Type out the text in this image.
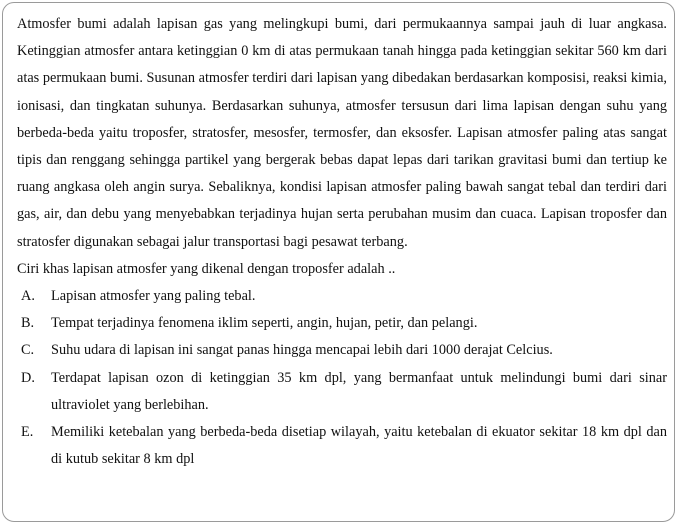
Atmosfer bumi adalah lapisan gas yang melingkupi bumi, dari permukaannya sampai jauh di luar angkasa. Ketinggian atmosfer antara ketinggian 0 km di atas permukaan tanah hingga pada ketinggian sekitar 560 km dari atas permukaan bumi. Susunan atmosfer terdiri dari lapisan yang dibedakan berdasarkan komposisi, reaksi kimia, ionisasi, dan tingkatan suhunya. Berdasarkan suhunya, atmosfer tersusun dari lima lapisan dengan suhu yang berbeda-beda yaitu troposfer, stratosfer, mesosfer, termosfer, dan eksosfer. Lapisan atmosfer paling atas sangat tipis dan renggang sehingga partikel yang bergerak bebas dapat lepas dari tarikan gravitasi bumi dan tertiup ke ruang angkasa oleh angin surya. Sebaliknya, kondisi lapisan atmosfer paling bawah sangat tebal dan terdiri dari gas, air, dan debu yang menyebabkan terjadinya hujan serta perubahan musim dan cuaca. Lapisan troposfer dan stratosfer digunakan sebagai jalur transportasi bagi pesawat terbang.

Ciri khas lapisan atmosfer yang dikenal dengan troposfer adalah ..

A.	Lapisan atmosfer yang paling tebal.
B.	Tempat terjadinya fenomena iklim seperti, angin, hujan, petir, dan pelangi.
C.	Suhu udara di lapisan ini sangat panas hingga mencapai lebih dari 1000 derajat Celcius.
D.	Terdapat lapisan ozon di ketinggian 35 km dpl, yang bermanfaat untuk melindungi bumi dari sinar ultraviolet yang berlebihan.
E.	Memiliki ketebalan yang berbeda-beda disetiap wilayah, yaitu ketebalan di ekuator sekitar 18 km dpl dan di kutub sekitar 8 km dpl
